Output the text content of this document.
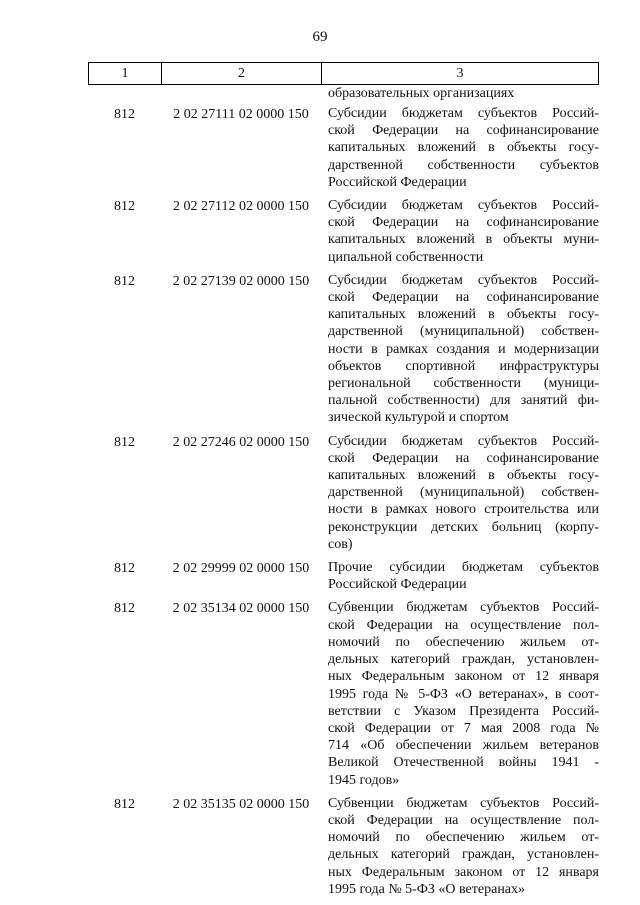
69
1	2	3
образовательных организациях
812	2 02 27111 02 0000 150	Субсидии бюджетам субъектов Россий-
ской Федерации на софинансирование
капитальных вложений в объекты госу-
дарственной собственности субъектов
Российской Федерации
812	2 02 27112 02 0000 150	Субсидии бюджетам субъектов Россий-
ской Федерации на софинансирование
капитальных вложений в объекты муни-
ципальной собственности
812	2 02 27139 02 0000 150	Субсидии бюджетам субъектов Россий-
ской Федерации на софинансирование
капитальных вложений в объекты госу-
дарственной (муниципальной) собствен-
ности в рамках создания и модернизации
объектов спортивной инфраструктуры
региональной собственности (муници-
пальной собственности) для занятий фи-
зической культурой и спортом
812	2 02 27246 02 0000 150	Субсидии бюджетам субъектов Россий-
ской Федерации на софинансирование
капитальных вложений в объекты госу-
дарственной (муниципальной) собствен-
ности в рамках нового строительства или
реконструкции детских больниц (корпу-
сов)
812	2 02 29999 02 0000 150	Прочие субсидии бюджетам субъектов
Российской Федерации
812	2 02 35134 02 0000 150	Субвенции бюджетам субъектов Россий-
ской Федерации на осуществление пол-
номочий по обеспечению жильем от-
дельных категорий граждан, установлен-
ных Федеральным законом от 12 января
1995 года № 5-ФЗ «О ветеранах», в соот-
ветствии с Указом Президента Россий-
ской Федерации от 7 мая 2008 года №
714 «Об обеспечении жильем ветеранов
Великой Отечественной войны 1941 -
1945 годов»
812	2 02 35135 02 0000 150	Субвенции бюджетам субъектов Россий-
ской Федерации на осуществление пол-
номочий по обеспечению жильем от-
дельных категорий граждан, установлен-
ных Федеральным законом от 12 января
1995 года № 5-ФЗ «О ветеранах»
